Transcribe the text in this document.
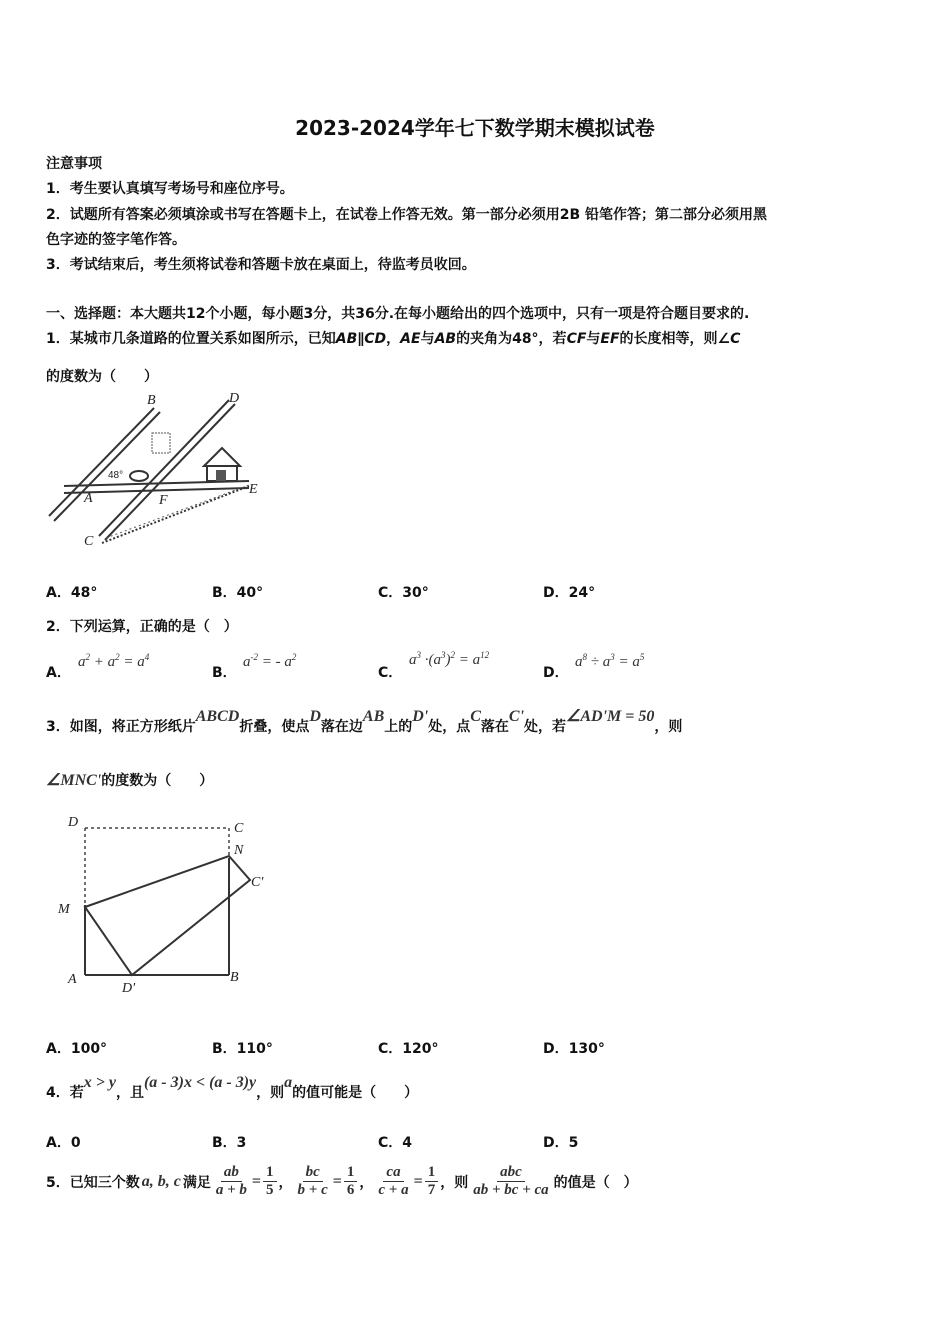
2023-2024学年七下数学期末模拟试卷
注意事项
1．考生要认真填写考场号和座位序号。
2．试题所有答案必须填涂或书写在答题卡上，在试卷上作答无效。第一部分必须用2B 铅笔作答；第二部分必须用黑
色字迹的签字笔作答。
3．考试结束后，考生须将试卷和答题卡放在桌面上，待监考员收回。
一、选择题：本大题共12个小题，每小题3分，共36分.在每小题给出的四个选项中，只有一项是符合题目要求的.
1．某城市几条道路的位置关系如图所示，已知AB∥CD，AE与AB的夹角为48°，若CF与EF的长度相等，则∠C
的度数为（　　）
B	D
A	F
E
C
48°
A．48°	B．40°	C．30°	D．24°
2．下列运算，正确的是（　）
A．
$a^2 + a^2 = a^4$
B．
$a^{-2}$ = - $a^2$
C．
$a^3 \cdot(a^3)^2 = a^{12}$
D．
$a^8 \div a^3 = a^5$
3．如图，将正方形纸片ABCD折叠，使点D落在边AB上的D'处，点C落在C'处，若∠AD'M = 50，则
∠MNC'的度数为（　　）
D	C
N
C'
M
A
D'
B
A．100°	B．110°	C．120°	D．130°
4．若x > y，且(a - 3)x < (a - 3)y，则a的值可能是（　　）
A．0	B．3	C．4	D．5
5．已知三个数 a, b, c 满足 $\frac{ab}{a + b} = \frac{1}{5}$ ， $\frac{bc}{b + c} = \frac{1}{6}$ ， $\frac{ca}{c + a} = \frac{1}{7}$ ，则 $\frac{\text{abc}}{ab + bc + ca}$ 的值是（　）
